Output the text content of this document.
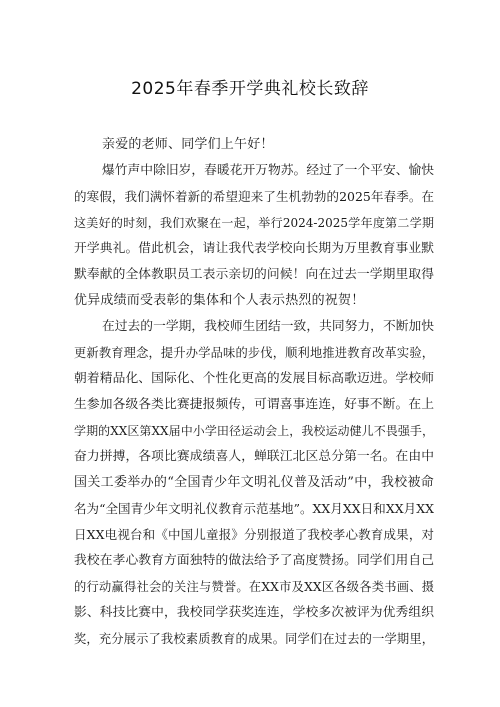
2025年春季开学典礼校长致辞
亲爱的老师、同学们上午好！
爆竹声中除旧岁，春暖花开万物苏。经过了一个平安、愉快
的寒假，我们满怀着新的希望迎来了生机勃勃的2025年春季。在
这美好的时刻，我们欢聚在一起，举行2024-2025学年度第二学期
开学典礼。借此机会，请让我代表学校向长期为万里教育事业默
默奉献的全体教职员工表示亲切的问候！向在过去一学期里取得
优异成绩而受表彰的集体和个人表示热烈的祝贺！
在过去的一学期，我校师生团结一致，共同努力，不断加快
更新教育理念，提升办学品味的步伐，顺利地推进教育改革实验，
朝着精品化、国际化、个性化更高的发展目标高歌迈进。学校师
生参加各级各类比赛捷报频传，可谓喜事连连，好事不断。在上
学期的XX区第XX届中小学田径运动会上，我校运动健儿不畏强手，
奋力拼搏，各项比赛成绩喜人，蝉联江北区总分第一名。在由中
国关工委举办的“全国青少年文明礼仪普及活动”中，我校被命
名为“全国青少年文明礼仪教育示范基地”。XX月XX日和XX月XX
日XX电视台和《中国儿童报》分别报道了我校孝心教育成果，对
我校在孝心教育方面独特的做法给予了高度赞扬。同学们用自己
的行动赢得社会的关注与赞誉。在XX市及XX区各级各类书画、摄
影、科技比赛中，我校同学获奖连连，学校多次被评为优秀组织
奖，充分展示了我校素质教育的成果。同学们在过去的一学期里，
